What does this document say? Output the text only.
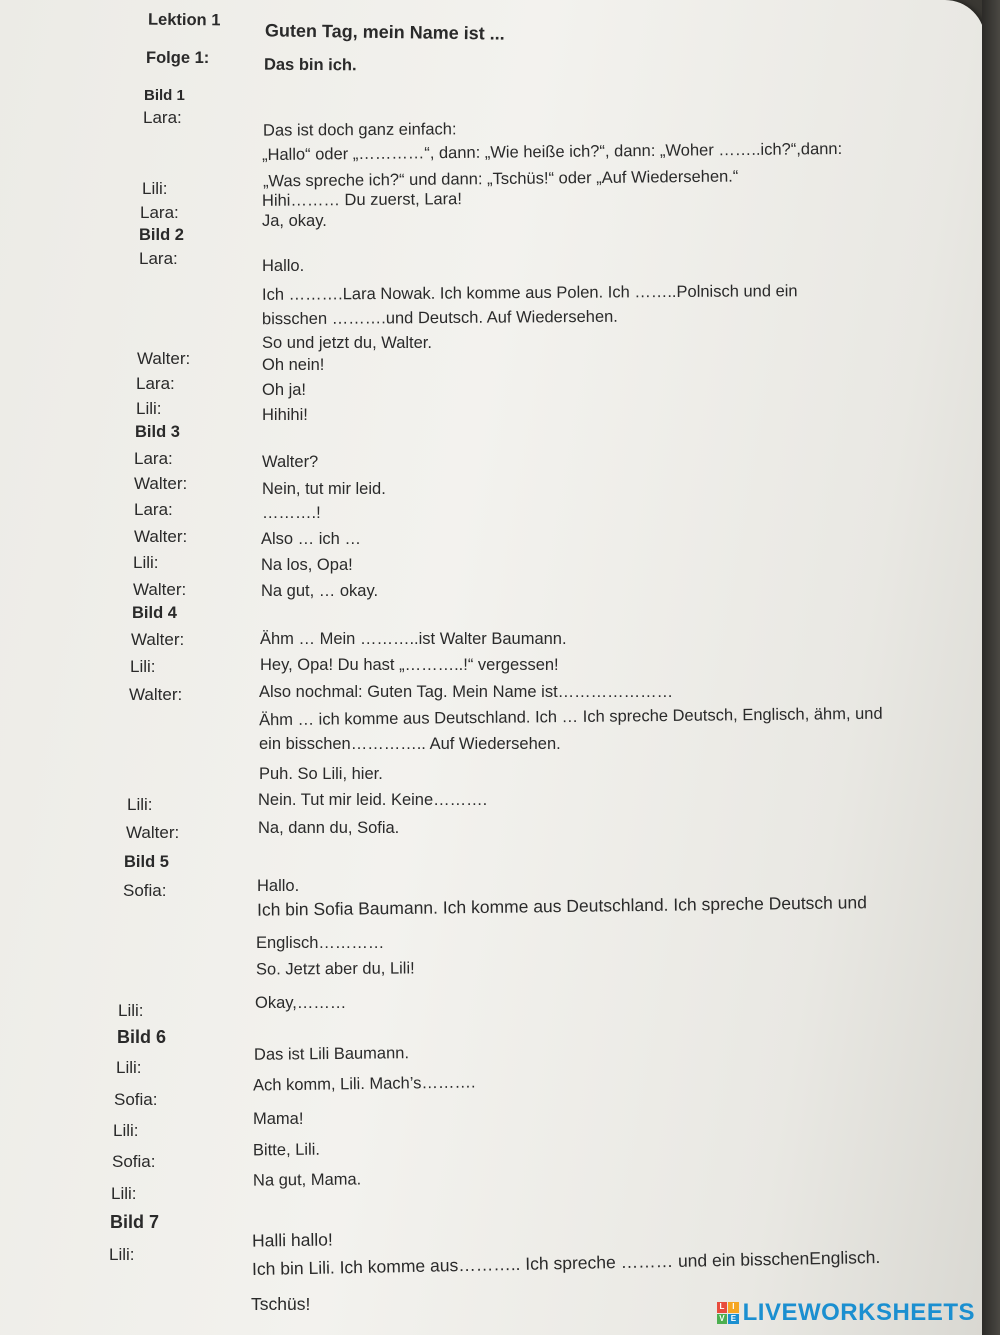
Lektion 1
Guten Tag, mein Name ist ...
Folge 1:	Das bin ich.
Bild 1
Lara:
Das ist doch ganz einfach:
„Hallo“ oder „…………“, dann: „Wie heiße ich?“, dann: „Woher ……..ich?“,dann:
„Was spreche ich?“ und dann: „Tschüs!“ oder „Auf Wiedersehen.“
Lili:
Hihi……… Du zuerst, Lara!
Lara:	Ja, okay.
Bild 2
Lara:	Hallo.
Ich ……….Lara Nowak. Ich komme aus Polen. Ich ……..Polnisch und ein
bisschen ……….und Deutsch. Auf Wiedersehen.
So und jetzt du, Walter.
Walter:	Oh nein!
Lara:	Oh ja!
Lili:	Hihihi!
Bild 3
Lara:	Walter?
Walter:	Nein, tut mir leid.
Lara:	……….!
Walter:	Also … ich …
Lili:	Na los, Opa!
Walter:	Na gut, … okay.
Bild 4
Walter:	Ähm … Mein ………..ist Walter Baumann.
Lili:	Hey, Opa! Du hast „………..!“ vergessen!
Walter:	Also nochmal: Guten Tag. Mein Name ist…………………
Ähm … ich komme aus Deutschland. Ich … Ich spreche Deutsch, Englisch, ähm, und
ein bisschen………….. Auf Wiedersehen.
Puh. So Lili, hier.
Lili:	Nein. Tut mir leid. Keine……….
Walter:	Na, dann du, Sofia.
Bild 5
Sofia:	Hallo.
Ich bin Sofia Baumann. Ich komme aus Deutschland. Ich spreche Deutsch und
Englisch…………
So. Jetzt aber du, Lili!
Lili:	Okay,………
Bild 6
Lili:
Das ist Lili Baumann.
Sofia:
Ach komm, Lili. Mach’s……….
Lili:
Mama!
Sofia:
Bitte, Lili.
Lili:
Na gut, Mama.
Bild 7
Lili:
Halli hallo!
Ich bin Lili. Ich komme aus……….. Ich spreche ……… und ein bisschenEnglisch.
Tschüs!	L I
V E LIVEWORKSHEETS
